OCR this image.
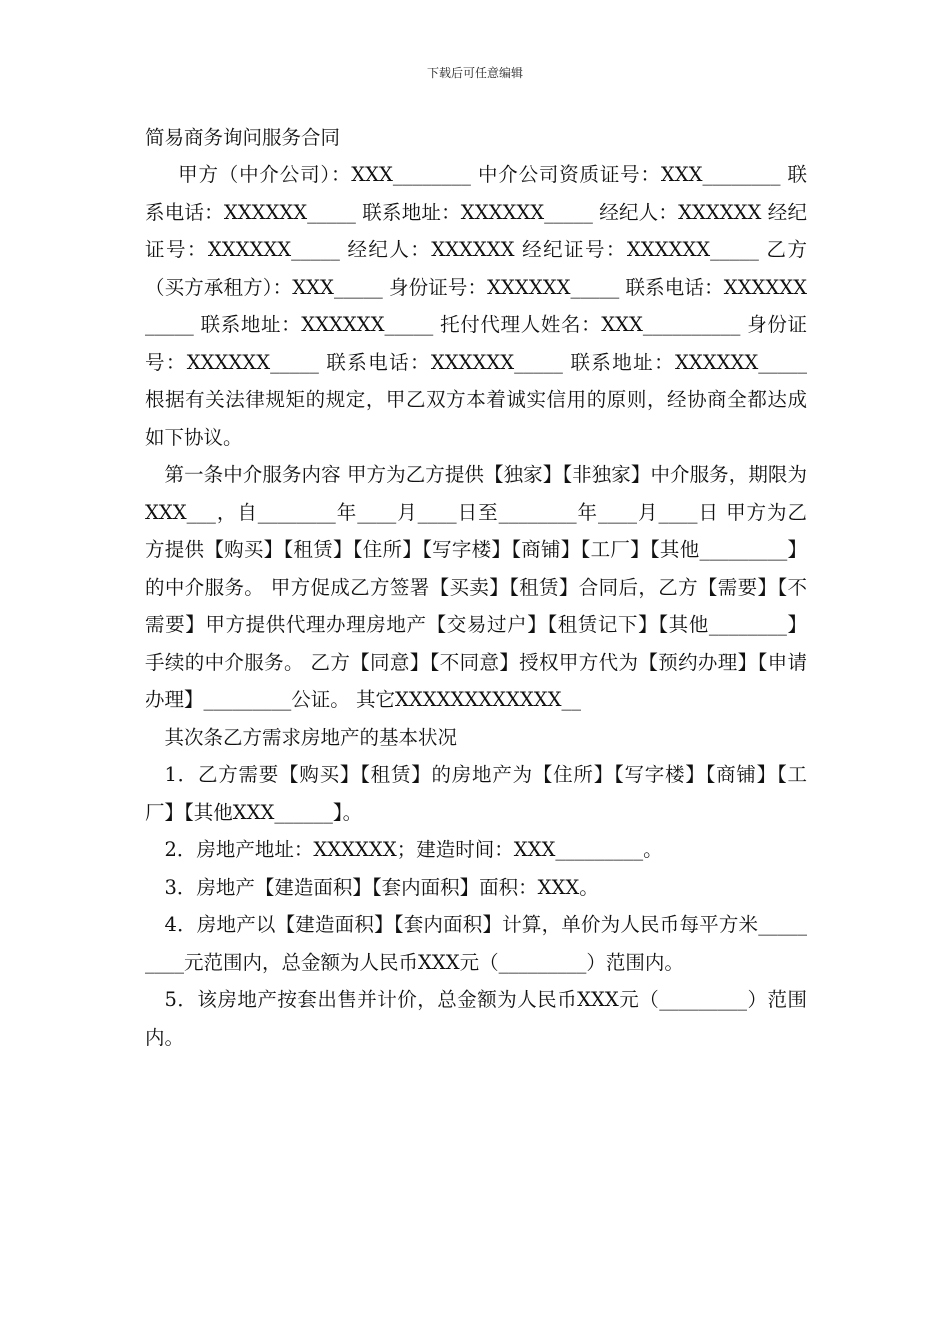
下载后可任意编辑

简易商务询问服务合同

甲方（中介公司）：XXX________ 中介公司资质证号：XXX________ 联系电话：XXXXXX_____ 联系地址：XXXXXX_____ 经纪人：XXXXXX 经纪证号：XXXXXX_____ 经纪人：XXXXXX 经纪证号：XXXXXX_____ 乙方（买方承租方）：XXX_____ 身份证号：XXXXXX_____ 联系电话：XXXXXX_____ 联系地址：XXXXXX_____ 托付代理人姓名：XXX__________ 身份证号：XXXXXX_____ 联系电话：XXXXXX_____ 联系地址：XXXXXX_____ 根据有关法律规矩的规定，甲乙双方本着诚实信用的原则，经协商全都达成如下协议。

第一条中介服务内容 甲方为乙方提供【独家】【非独家】中介服务，期限为XXX___，自________年____月____日至________年____月____日 甲方为乙方提供【购买】【租赁】【住所】【写字楼】【商铺】【工厂】【其他_________】的中介服务。 甲方促成乙方签署【买卖】【租赁】合同后，乙方【需要】【不需要】甲方提供代理办理房地产【交易过户】【租赁记下】【其他________】手续的中介服务。 乙方【同意】【不同意】授权甲方代为【预约办理】【申请办理】_________公证。 其它XXXXXXXXXXXX__

其次条乙方需求房地产的基本状况

1．乙方需要【购买】【租赁】的房地产为【住所】【写字楼】【商铺】【工厂】【其他XXX______】。

2．房地产地址：XXXXXX；建造时间：XXX_________。

3．房地产【建造面积】【套内面积】面积：XXX。

4．房地产以【建造面积】【套内面积】计算，单价为人民币每平方米_________元范围内，总金额为人民币XXX元（_________）范围内。

5．该房地产按套出售并计价，总金额为人民币XXX元（_________）范围内。
